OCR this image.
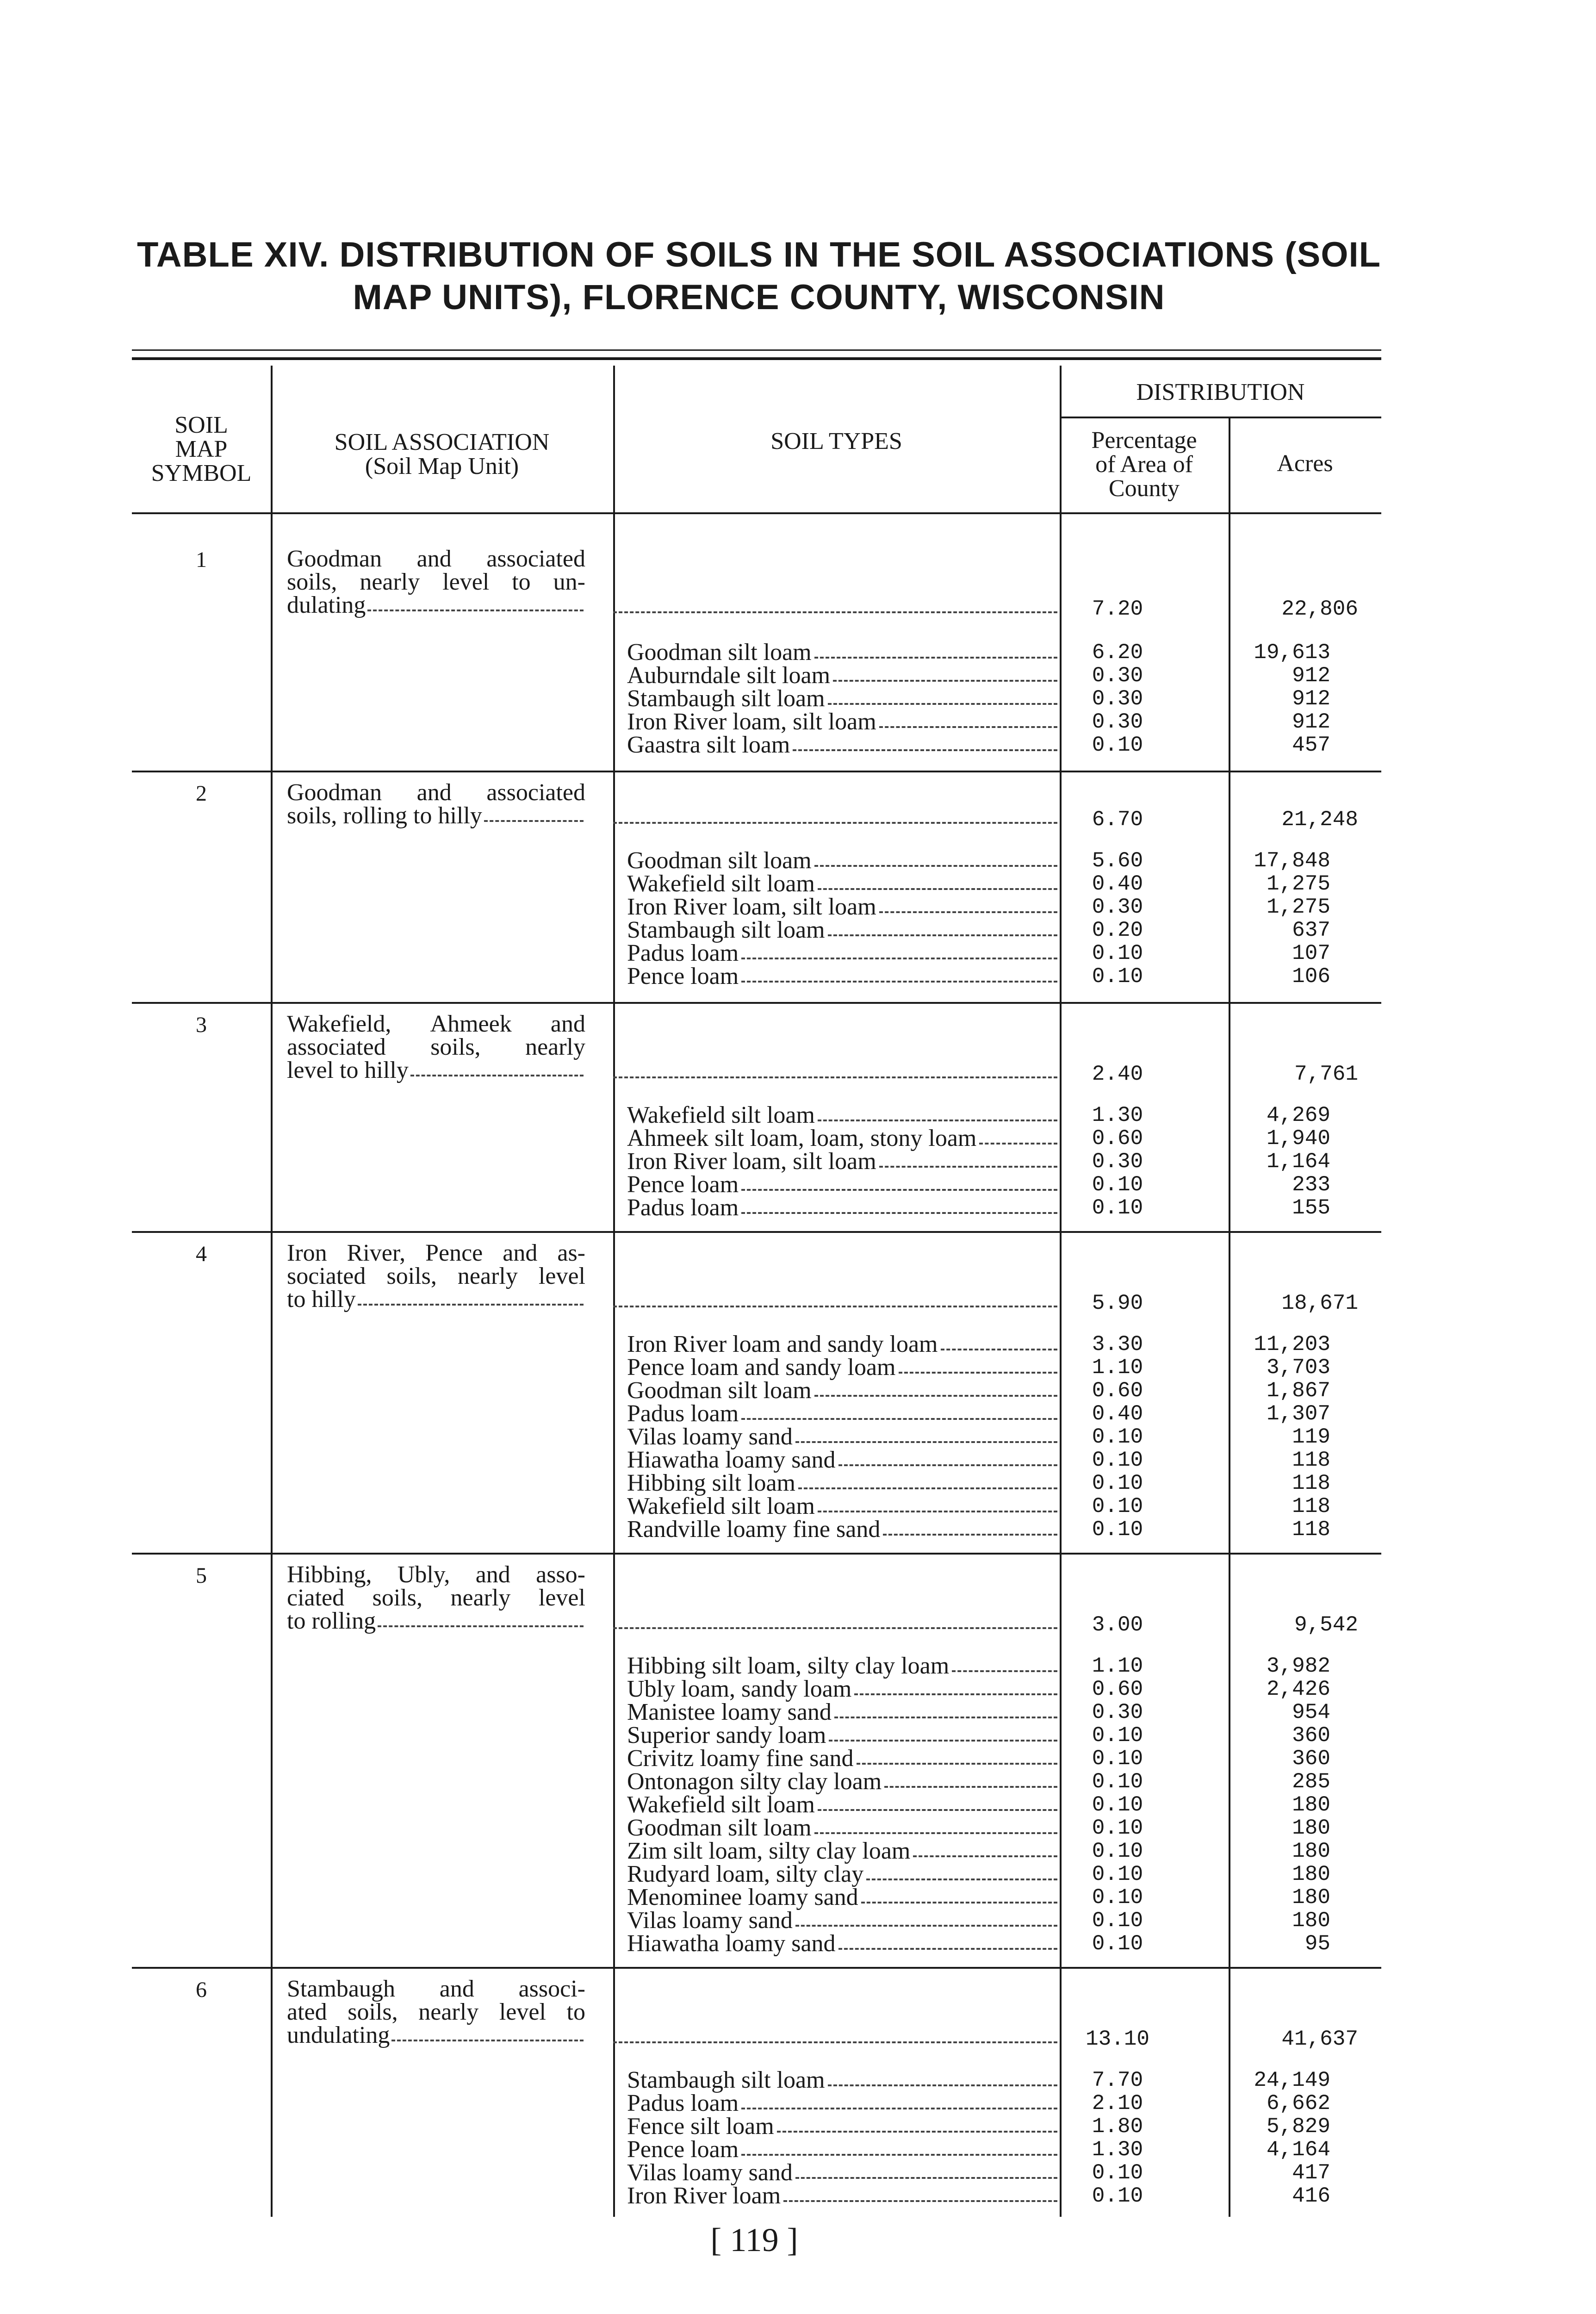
TABLE XIV. DISTRIBUTION OF SOILS IN THE SOIL ASSOCIATIONS (SOIL
MAP UNITS), FLORENCE COUNTY, WISCONSIN
SOIL
MAP
SYMBOL
SOIL ASSOCIATION
(Soil Map Unit)
SOIL TYPES
DISTRIBUTION
Percentage
of Area of
County
Acres
1	Goodman and associated
soils, nearly level to un-
dulating	7.20	22,806
Goodman silt loam	6.20	19,613
Auburndale silt loam	0.30	912
Stambaugh silt loam	0.30	912
Iron River loam, silt loam	0.30	912
Gaastra silt loam	0.10	457
2	Goodman and associated
soils, rolling to hilly	6.70	21,248
Goodman silt loam	5.60	17,848
Wakefield silt loam	0.40	1,275
Iron River loam, silt loam	0.30	1,275
Stambaugh silt loam	0.20	637
Padus loam	0.10	107
Pence loam	0.10	106
3	Wakefield, Ahmeek and
associated soils, nearly
level to hilly	2.40	7,761
Wakefield silt loam	1.30	4,269
Ahmeek silt loam, loam, stony loam	0.60	1,940
Iron River loam, silt loam	0.30	1,164
Pence loam	0.10	233
Padus loam	0.10	155
4	Iron River, Pence and as-
sociated soils, nearly level
to hilly	5.90	18,671
Iron River loam and sandy loam	3.30	11,203
Pence loam and sandy loam	1.10	3,703
Goodman silt loam	0.60	1,867
Padus loam	0.40	1,307
Vilas loamy sand	0.10	119
Hiawatha loamy sand	0.10	118
Hibbing silt loam	0.10	118
Wakefield silt loam	0.10	118
Randville loamy fine sand	0.10	118
5	Hibbing, Ubly, and asso-
ciated soils, nearly level
to rolling	3.00	9,542
Hibbing silt loam, silty clay loam	1.10	3,982
Ubly loam, sandy loam	0.60	2,426
Manistee loamy sand	0.30	954
Superior sandy loam	0.10	360
Crivitz loamy fine sand	0.10	360
Ontonagon silty clay loam	0.10	285
Wakefield silt loam	0.10	180
Goodman silt loam	0.10	180
Zim silt loam, silty clay loam	0.10	180
Rudyard loam, silty clay	0.10	180
Menominee loamy sand	0.10	180
Vilas loamy sand	0.10	180
Hiawatha loamy sand	0.10	95
6	Stambaugh and associ-
ated soils, nearly level to
undulating	13.10	41,637
Stambaugh silt loam	7.70	24,149
Padus loam	2.10	6,662
Fence silt loam	1.80	5,829
Pence loam	1.30	4,164
Vilas loamy sand	0.10	417
Iron River loam	0.10	416
[ 119 ]
